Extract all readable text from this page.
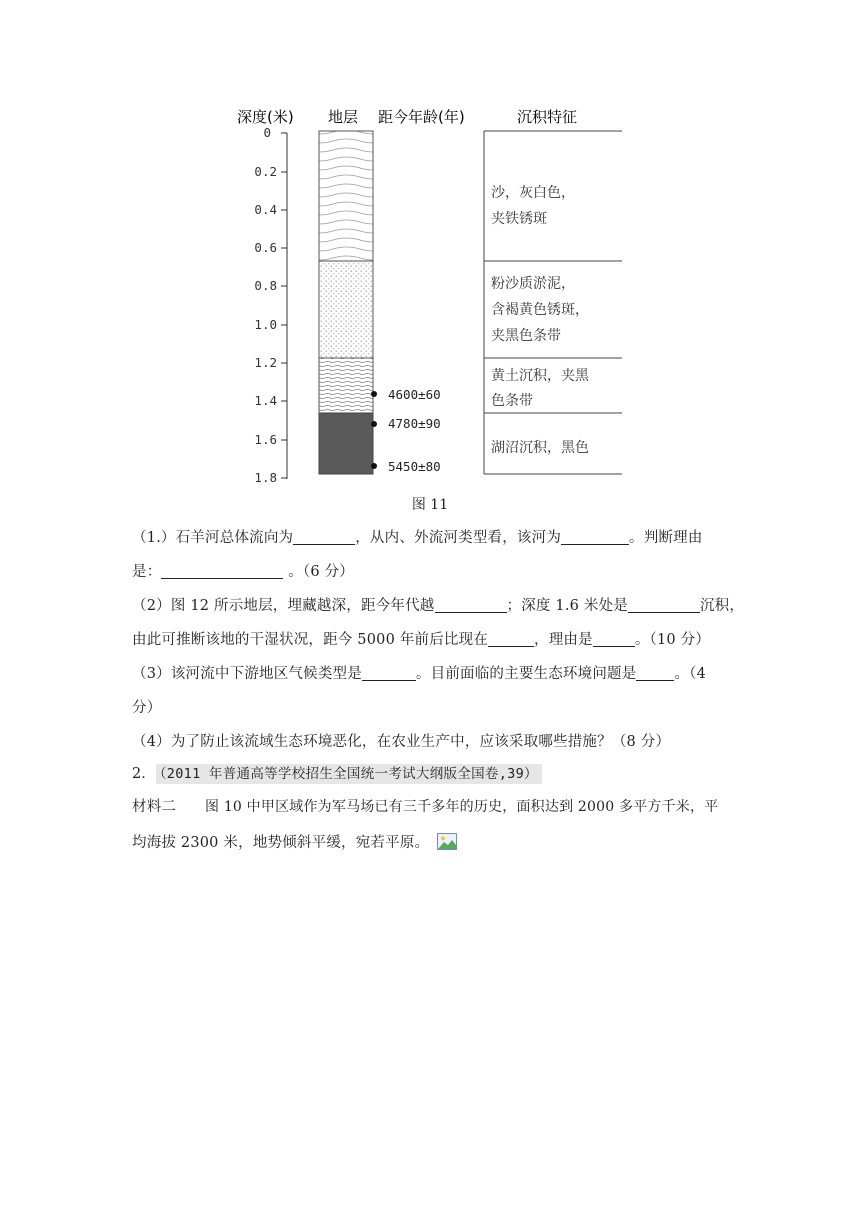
深度(米) 地层 距今年龄(年)	沉积特征
0
0.2
0.4
0.6
0.8
1.0
1.2
1.4
1.6
1.8
4600±60
4780±90
5450±80
沙，灰白色，
夹铁锈斑
粉沙质淤泥，
含褐黄色锈斑，
夹黑色条带
黄土沉积，夹黑
色条带
湖沼沉积，黑色
图 11
（1.）石羊河总体流向为	，从内、外流河类型看，该河为	。判断理由
是：	。（6 分）
（2）图 12 所示地层，埋藏越深，距今年代越	；深度 1.6 米处是	沉积，
由此可推断该地的干湿状况，距今 5000 年前后比现在	，理由是	。（10 分）
（3）该河流中下游地区气候类型是	。目前面临的主要生态环境问题是	。（4
分）
（4）为了防止该流域生态环境恶化，在农业生产中，应该采取哪些措施？（8 分）
2． （2011 年普通高等学校招生全国统一考试大纲版全国卷,39）
材料二 图 10 中甲区域作为军马场已有三千多年的历史，面积达到 2000 多平方千米，平
均海拔 2300 米，地势倾斜平缓，宛若平原。
